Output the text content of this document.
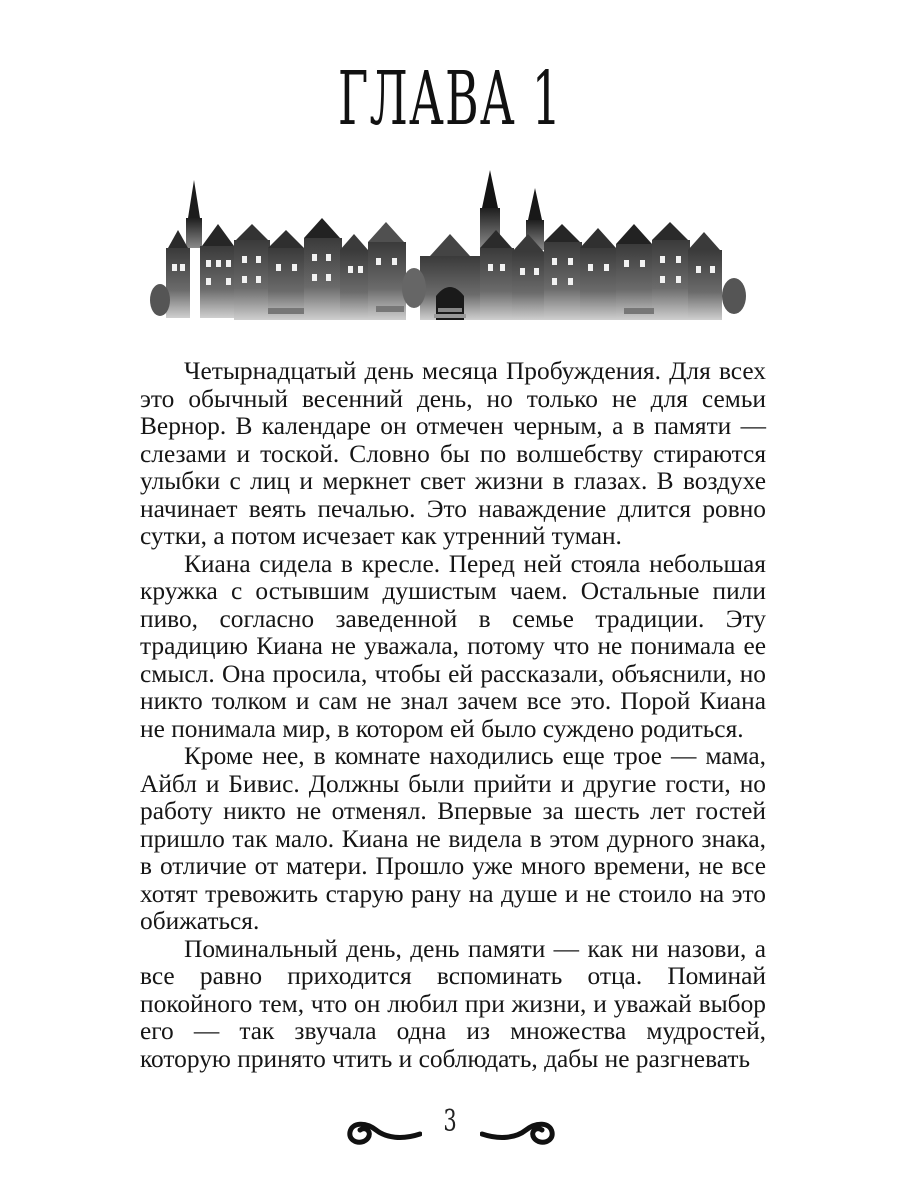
ГЛАВА 1

Четырнадцатый день месяца Пробуждения. Для всех это обычный весенний день, но только не для семьи Вернор. В календаре он отмечен черным, а в памяти — слезами и тоской. Словно бы по волшебству стираются улыбки с лиц и меркнет свет жизни в глазах. В воздухе начинает веять печалью. Это наваждение длится ровно сутки, а потом исчезает как утренний туман.

Киана сидела в кресле. Перед ней стояла небольшая кружка с остывшим душистым чаем. Остальные пили пиво, согласно заведенной в семье традиции. Эту традицию Киана не уважала, потому что не понимала ее смысл. Она просила, чтобы ей рассказали, объяснили, но никто толком и сам не знал зачем все это. Порой Киана не понимала мир, в котором ей было суждено родиться.

Кроме нее, в комнате находились еще трое — мама, Айбл и Бивис. Должны были прийти и другие гости, но работу никто не отменял. Впервые за шесть лет гостей пришло так мало. Киана не видела в этом дурного знака, в отличие от матери. Прошло уже много времени, не все хотят тревожить старую рану на душе и не стоило на это обижаться.

Поминальный день, день памяти — как ни назови, а все равно приходится вспоминать отца. Поминай покойного тем, что он любил при жизни, и уважай выбор его — так звучала одна из множества мудростей, которую принято чтить и соблюдать, дабы не разгневать

3
